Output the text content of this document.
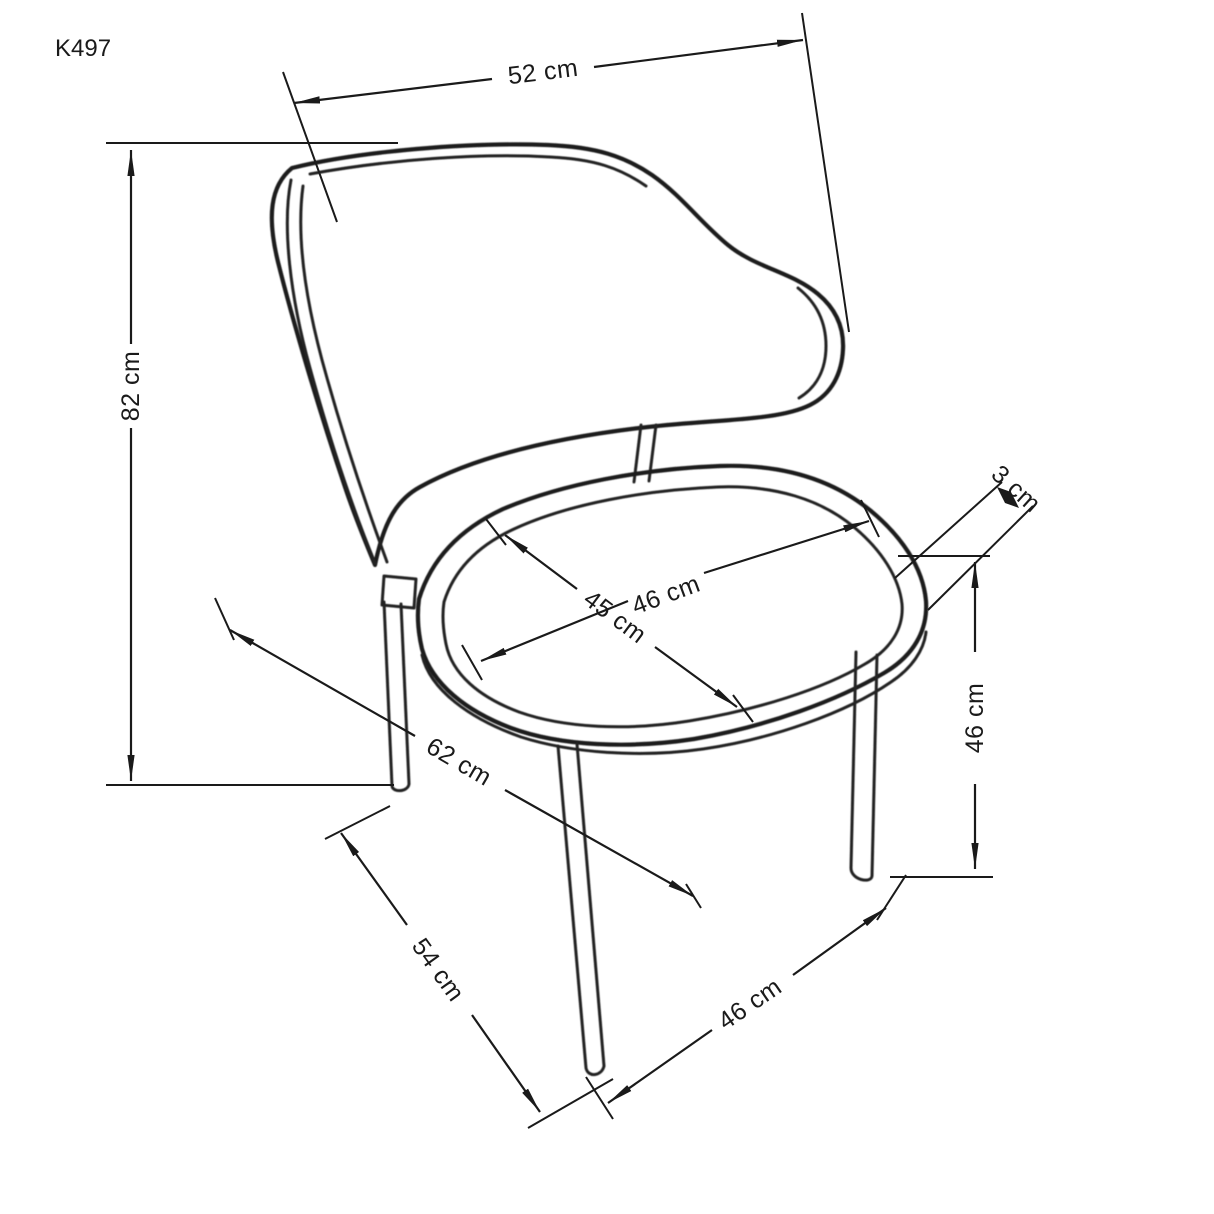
K497
52 cm
82 cm
46 cm
45 cm
3 cm
62 cm
54 cm	46 cm
46 cm
